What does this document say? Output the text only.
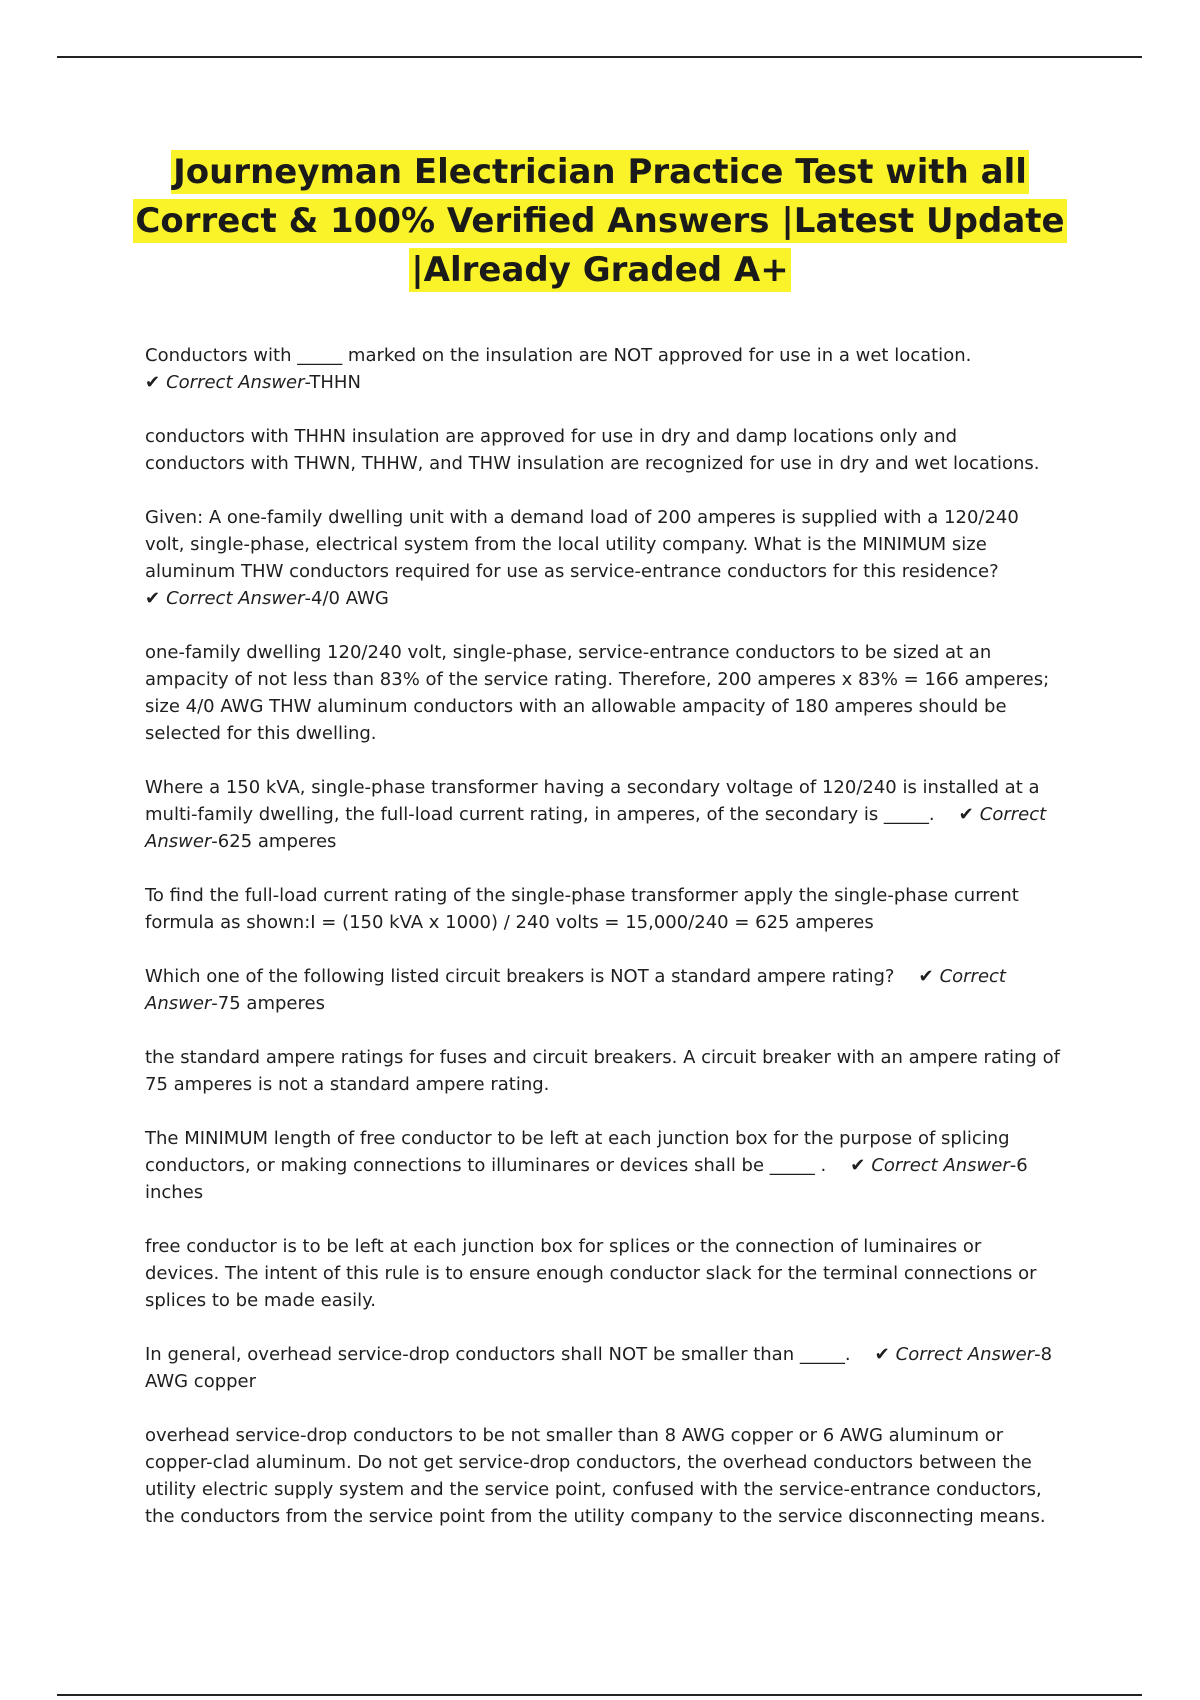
Journeyman Electrician Practice Test with all Correct & 100% Verified Answers |Latest Update |Already Graded A+
Conductors with _____ marked on the insulation are NOT approved for use in a wet location.
✔ Correct Answer-THHN
conductors with THHN insulation are approved for use in dry and damp locations only and conductors with THWN, THHW, and THW insulation are recognized for use in dry and wet locations.
Given: A one-family dwelling unit with a demand load of 200 amperes is supplied with a 120/240 volt, single-phase, electrical system from the local utility company. What is the MINIMUM size aluminum THW conductors required for use as service-entrance conductors for this residence?
✔ Correct Answer-4/0 AWG
one-family dwelling 120/240 volt, single-phase, service-entrance conductors to be sized at an ampacity of not less than 83% of the service rating. Therefore, 200 amperes x 83% = 166 amperes; size 4/0 AWG THW aluminum conductors with an allowable ampacity of 180 amperes should be selected for this dwelling.
Where a 150 kVA, single-phase transformer having a secondary voltage of 120/240 is installed at a multi-family dwelling, the full-load current rating, in amperes, of the secondary is _____. ✔ Correct Answer-625 amperes
To find the full-load current rating of the single-phase transformer apply the single-phase current formula as shown:I = (150 kVA x 1000) / 240 volts = 15,000/240 = 625 amperes
Which one of the following listed circuit breakers is NOT a standard ampere rating? ✔ Correct Answer-75 amperes
the standard ampere ratings for fuses and circuit breakers. A circuit breaker with an ampere rating of 75 amperes is not a standard ampere rating.
The MINIMUM length of free conductor to be left at each junction box for the purpose of splicing conductors, or making connections to illuminares or devices shall be _____ . ✔ Correct Answer-6 inches
free conductor is to be left at each junction box for splices or the connection of luminaires or devices. The intent of this rule is to ensure enough conductor slack for the terminal connections or splices to be made easily.
In general, overhead service-drop conductors shall NOT be smaller than _____. ✔ Correct Answer-8 AWG copper
overhead service-drop conductors to be not smaller than 8 AWG copper or 6 AWG aluminum or copper-clad aluminum. Do not get service-drop conductors, the overhead conductors between the utility electric supply system and the service point, confused with the service-entrance conductors, the conductors from the service point from the utility company to the service disconnecting means.
